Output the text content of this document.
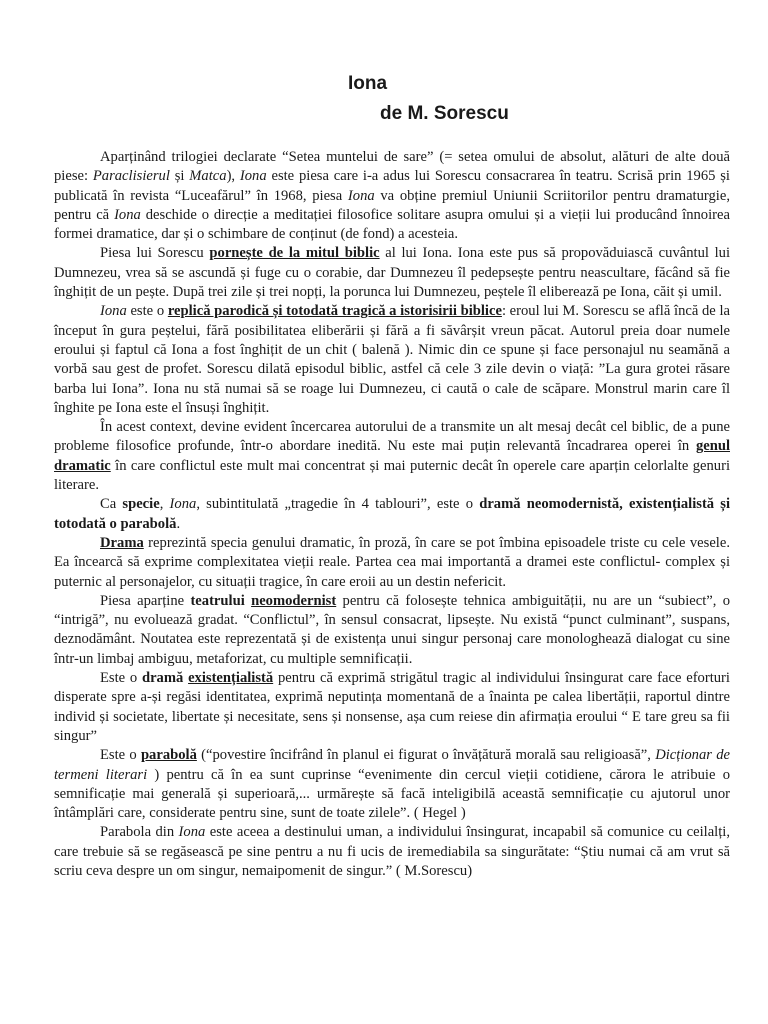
Iona
de M. Sorescu

Aparținând trilogiei declarate “Setea muntelui de sare” (= setea omului de absolut, alături de alte două piese: Paraclisierul și Matca), Iona este piesa care i-a adus lui Sorescu consacrarea în teatru. Scrisă prin 1965 și publicată în revista “Luceafărul” în 1968, piesa Iona va obține premiul Uniunii Scriitorilor pentru dramaturgie, pentru că Iona deschide o direcție a meditației filosofice solitare asupra omului și a vieții lui producând înnoirea formei dramatice, dar și o schimbare de conținut (de fond) a acesteia.

Piesa lui Sorescu pornește de la mitul biblic al lui Iona. Iona este pus să propovăduiască cuvântul lui Dumnezeu, vrea să se ascundă și fuge cu o corabie, dar Dumnezeu îl pedepsește pentru neascultare, făcând să fie înghițit de un pește. După trei zile și trei nopți, la porunca lui Dumnezeu, peștele îl eliberează pe Iona, căit și umil.

Iona este o replică parodică și totodată tragică a istorisirii biblice: eroul lui M. Sorescu se află încă de la început în gura peștelui, fără posibilitatea eliberării și fără a fi săvârșit vreun păcat. Autorul preia doar numele eroului și faptul că Iona a fost înghițit de un chit ( balenă ). Nimic din ce spune și face personajul nu seamănă a vorbă sau gest de profet. Sorescu dilată episodul biblic, astfel că cele 3 zile devin o viață: ”La gura grotei răsare barba lui Iona”. Iona nu stă numai să se roage lui Dumnezeu, ci caută o cale de scăpare. Monstrul marin care îl înghite pe Iona este el însuși înghițit.

În acest context, devine evident încercarea autorului de a transmite un alt mesaj decât cel biblic, de a pune probleme filosofice profunde, într-o abordare inedită. Nu este mai puțin relevantă încadrarea operei în genul dramatic în care conflictul este mult mai concentrat și mai puternic decât în operele care aparțin celorlalte genuri literare.

Ca specie, Iona, subintitulată „tragedie în 4 tablouri”, este o dramă neomodernistă, existențialistă și totodată o parabolă.

Drama reprezintă specia genului dramatic, în proză, în care se pot îmbina episoadele triste cu cele vesele. Ea încearcă să exprime complexitatea vieții reale. Partea cea mai importantă a dramei este conflictul- complex și puternic al personajelor, cu situații tragice, în care eroii au un destin nefericit.

Piesa aparține teatrului neomodernist pentru că folosește tehnica ambiguității, nu are un “subiect”, o “intrigă”, nu evoluează gradat. “Conflictul”, în sensul consacrat, lipsește. Nu există “punct culminant”, suspans, deznodământ. Noutatea este reprezentată și de existența unui singur personaj care monologhează dialogat cu sine într-un limbaj ambiguu, metaforizat, cu multiple semnificații.

Este o dramă existențialistă pentru că exprimă strigătul tragic al individului însingurat care face eforturi disperate spre a-și regăsi identitatea, exprimă neputința momentană de a înainta pe calea libertății, raportul dintre individ și societate, libertate și necesitate, sens și nonsense, așa cum reiese din afirmația eroului “ E tare greu sa fii singur”

Este o parabolă (“povestire încifrând în planul ei figurat o învățătură morală sau religioasă”, Dicționar de termeni literari ) pentru că în ea sunt cuprinse “evenimente din cercul vieții cotidiene, cărora le atribuie o semnificație mai generală și superioară,... urmărește să facă inteligibilă această semnificație cu ajutorul unor întâmplări care, considerate pentru sine, sunt de toate zilele”. ( Hegel )

Parabola din Iona este aceea a destinului uman, a individului însingurat, incapabil să comunice cu ceilalți, care trebuie să se regăsească pe sine pentru a nu fi ucis de iremediabila sa singurătate: “Știu numai că am vrut să scriu ceva despre un om singur, nemaipomenit de singur.” ( M.Sorescu)
